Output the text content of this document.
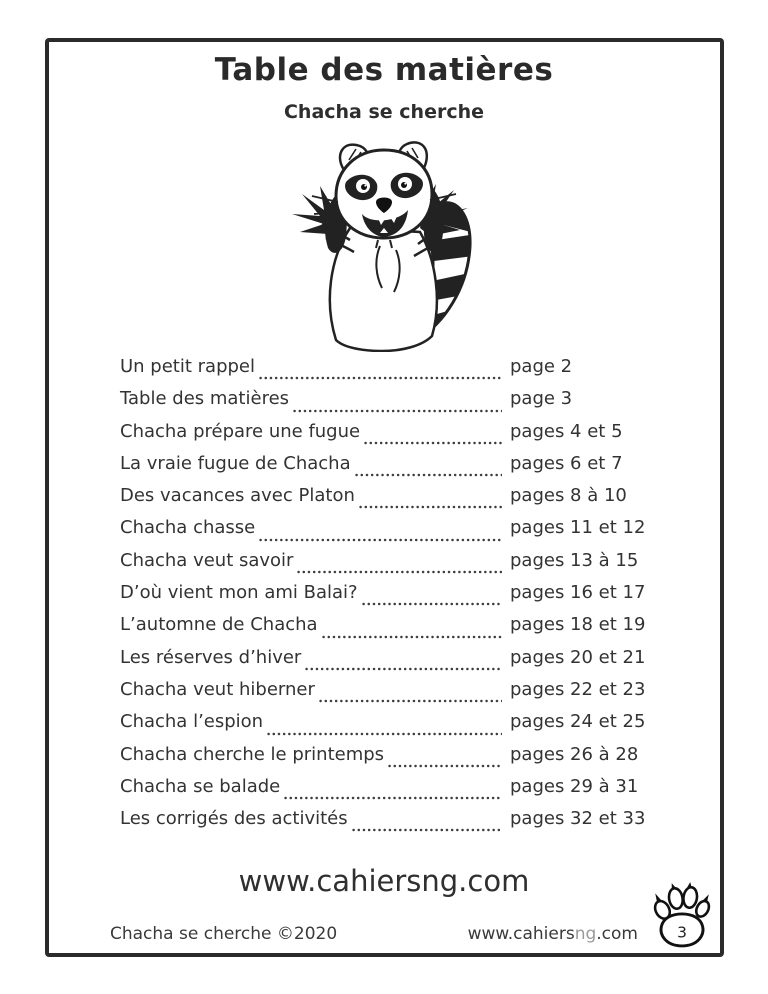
Table des matières
Chacha se cherche
Un petit rappel	page 2
Table des matières	page 3
Chacha prépare une fugue	pages 4 et 5
La vraie fugue de Chacha	pages 6 et 7
Des vacances avec Platon	pages 8 à 10
Chacha chasse	pages 11 et 12
Chacha veut savoir	pages 13 à 15
D’où vient mon ami Balai?	pages 16 et 17
L’automne de Chacha	pages 18 et 19
Les réserves d’hiver	pages 20 et 21
Chacha veut hiberner	pages 22 et 23
Chacha l’espion	pages 24 et 25
Chacha cherche le printemps	pages 26 à 28
Chacha se balade	pages 29 à 31
Les corrigés des activités	pages 32 et 33
www.cahiersng.com
Chacha se cherche ©2020	www.cahiersng.com	3
